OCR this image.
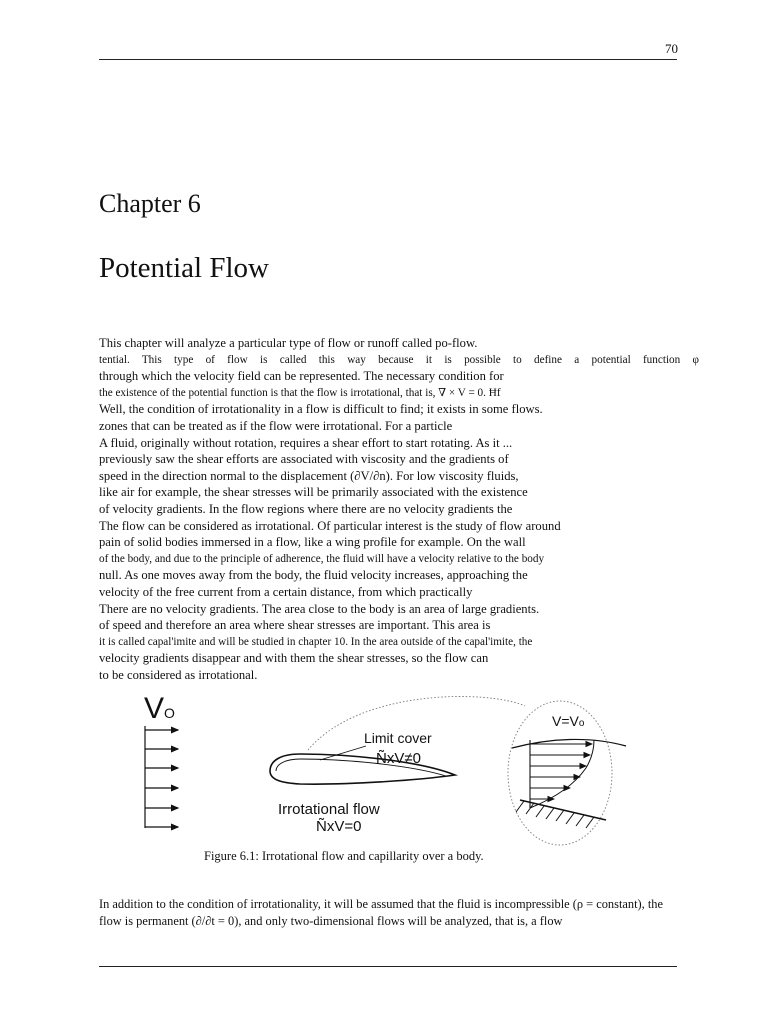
70
Chapter 6
Potential Flow
This chapter will analyze a particular type of flow or runoff called po-flow.
tential. This type of flow is called this way because it is possible to define a potential function φ
through which the velocity field can be represented. The necessary condition for
the existence of the potential function is that the flow is irrotational, that is, ∇ × V = 0. Ħf
Well, the condition of irrotationality in a flow is difficult to find; it exists in some flows.
zones that can be treated as if the flow were irrotational. For a particle
A fluid, originally without rotation, requires a shear effort to start rotating. As it ...
previously saw the shear efforts are associated with viscosity and the gradients of
speed in the direction normal to the displacement (∂V/∂n). For low viscosity fluids,
like air for example, the shear stresses will be primarily associated with the existence
of velocity gradients. In the flow regions where there are no velocity gradients the
The flow can be considered as irrotational. Of particular interest is the study of flow around
pain of solid bodies immersed in a flow, like a wing profile for example. On the wall
of the body, and due to the principle of adherence, the fluid will have a velocity relative to the body
null. As one moves away from the body, the fluid velocity increases, approaching the
velocity of the free current from a certain distance, from which practically
There are no velocity gradients. The area close to the body is an area of large gradients.
of speed and therefore an area where shear stresses are important. This area is
it is called capal'imite and will be studied in chapter 10. In the area outside of the capal'imite, the
velocity gradients disappear and with them the shear stresses, so the flow can
to be considered as irrotational.
VO
Limit cover
ÑxV≠0
Irrotational flow
ÑxV=0
V=Vo
Figure 6.1: Irrotational flow and capillarity over a body.
In addition to the condition of irrotationality, it will be assumed that the fluid is incompressible (ρ = constant), the
flow is permanent (∂/∂t = 0), and only two-dimensional flows will be analyzed, that is, a flow
